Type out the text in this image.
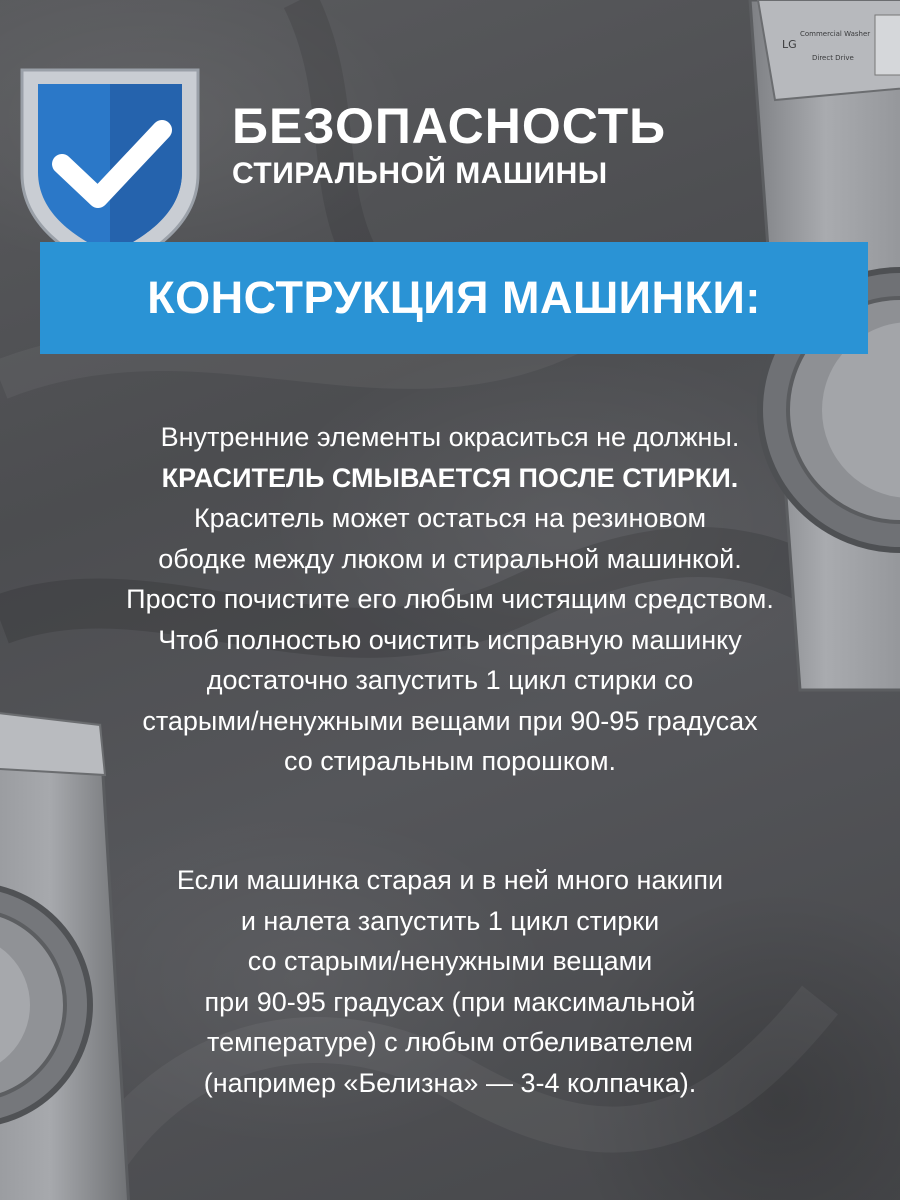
LG
Commercial Washer
Direct Drive
БЕЗОПАСНОСТЬ
СТИРАЛЬНОЙ МАШИНЫ
КОНСТРУКЦИЯ МАШИНКИ:
Внутренние элементы окраситься не должны.
КРАСИТЕЛЬ СМЫВАЕТСЯ ПОСЛЕ СТИРКИ.
Краситель может остаться на резиновом
ободке между люком и стиральной машинкой.
Просто почистите его любым чистящим средством.
Чтоб полностью очистить исправную машинку
достаточно запустить 1 цикл стирки со
старыми/ненужными вещами при 90-95 градусах
со стиральным порошком.
Если машинка старая и в ней много накипи
и налета запустить 1 цикл стирки
со старыми/ненужными вещами
при 90-95 градусах (при максимальной
температуре) с любым отбеливателем
(например «Белизна» — 3-4 колпачка).
